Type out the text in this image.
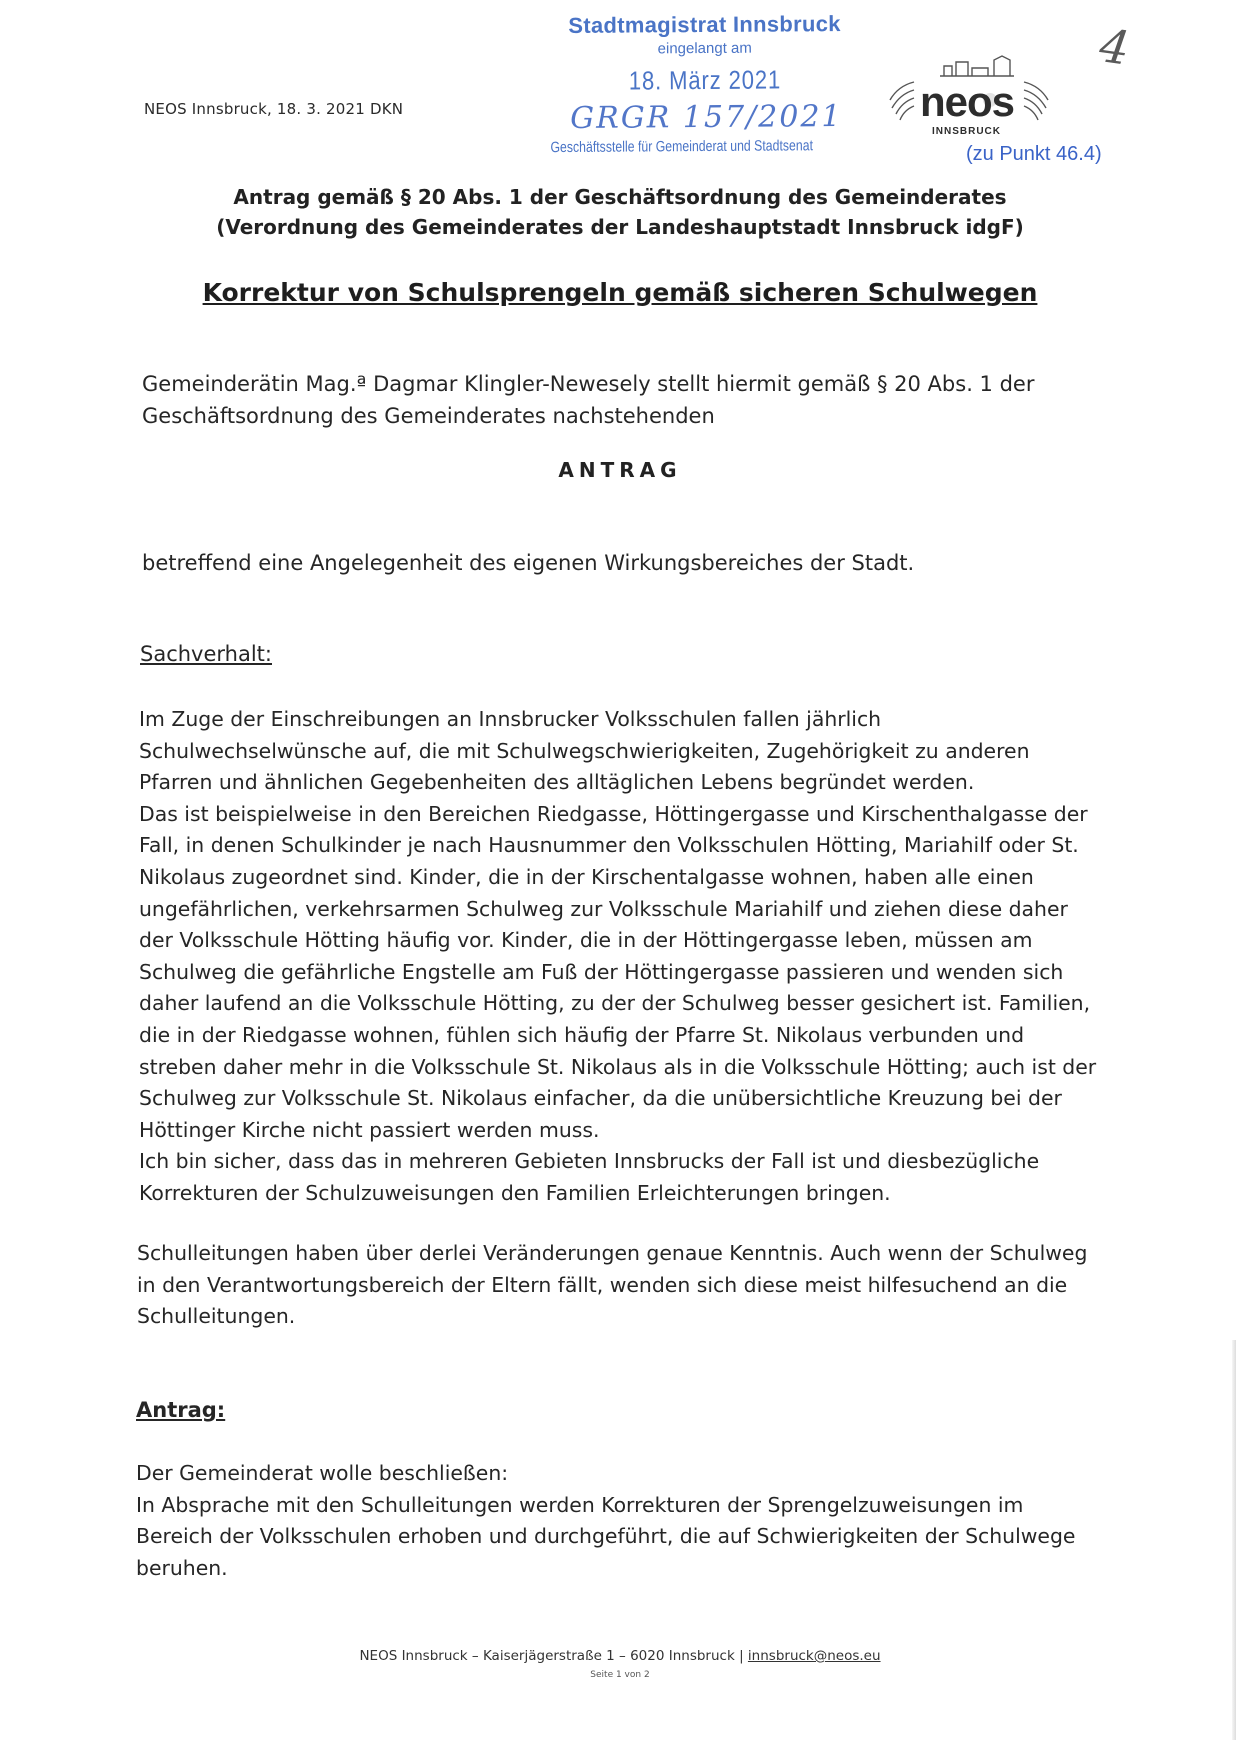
NEOS Innsbruck, 18. 3. 2021 DKN
Stadtmagistrat Innsbruck
eingelangt am
18. März 2021
GRGR 157/2021
Geschäftsstelle für Gemeinderat und Stadtsenat
4
neos
INNSBRUCK
(zu Punkt 46.4)
Antrag gemäß § 20 Abs. 1 der Geschäftsordnung des Gemeinderates
(Verordnung des Gemeinderates der Landeshauptstadt Innsbruck idgF)
Korrektur von Schulsprengeln gemäß sicheren Schulwegen

Gemeinderätin Mag.ª Dagmar Klingler-Newesely stellt hiermit gemäß § 20 Abs. 1 der Geschäftsordnung des Gemeinderates nachstehenden

ANTRAG

betreffend eine Angelegenheit des eigenen Wirkungsbereiches der Stadt.

Sachverhalt:

Im Zuge der Einschreibungen an Innsbrucker Volksschulen fallen jährlich Schulwechselwünsche auf, die mit Schulwegschwierigkeiten, Zugehörigkeit zu anderen Pfarren und ähnlichen Gegebenheiten des alltäglichen Lebens begründet werden.

Das ist beispielweise in den Bereichen Riedgasse, Höttingergasse und Kirschenthalgasse der Fall, in denen Schulkinder je nach Hausnummer den Volksschulen Hötting, Mariahilf oder St. Nikolaus zugeordnet sind. Kinder, die in der Kirschentalgasse wohnen, haben alle einen ungefährlichen, verkehrsarmen Schulweg zur Volksschule Mariahilf und ziehen diese daher der Volksschule Hötting häufig vor. Kinder, die in der Höttingergasse leben, müssen am Schulweg die gefährliche Engstelle am Fuß der Höttingergasse passieren und wenden sich daher laufend an die Volksschule Hötting, zu der der Schulweg besser gesichert ist. Familien, die in der Riedgasse wohnen, fühlen sich häufig der Pfarre St. Nikolaus verbunden und streben daher mehr in die Volksschule St. Nikolaus als in die Volksschule Hötting; auch ist der Schulweg zur Volksschule St. Nikolaus einfacher, da die unübersichtliche Kreuzung bei der Höttinger Kirche nicht passiert werden muss.

Ich bin sicher, dass das in mehreren Gebieten Innsbrucks der Fall ist und diesbezügliche Korrekturen der Schulzuweisungen den Familien Erleichterungen bringen.

Schulleitungen haben über derlei Veränderungen genaue Kenntnis. Auch wenn der Schulweg in den Verantwortungsbereich der Eltern fällt, wenden sich diese meist hilfesuchend an die Schulleitungen.

Antrag:

Der Gemeinderat wolle beschließen:

In Absprache mit den Schulleitungen werden Korrekturen der Sprengelzuweisungen im Bereich der Volksschulen erhoben und durchgeführt, die auf Schwierigkeiten der Schulwege beruhen.

NEOS Innsbruck – Kaiserjägerstraße 1 – 6020 Innsbruck | innsbruck@neos.eu
Seite 1 von 2
